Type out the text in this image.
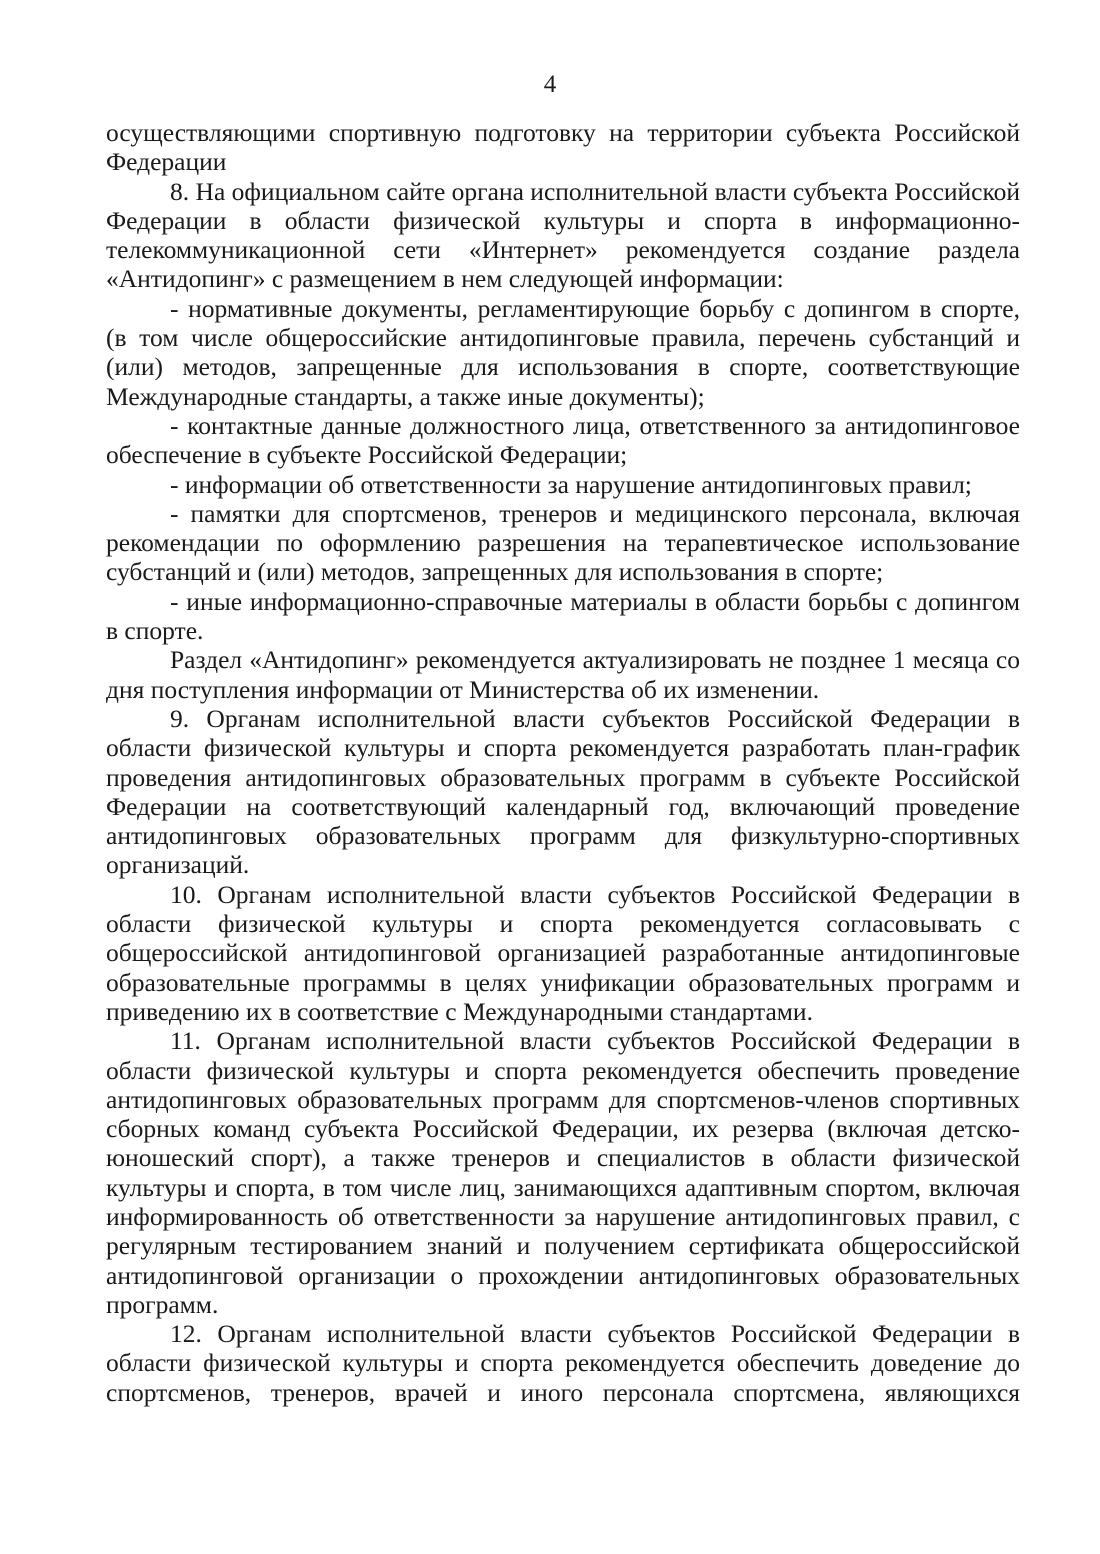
4

осуществляющими спортивную подготовку на территории субъекта Российской Федерации

8. На официальном сайте органа исполнительной власти субъекта Российской Федерации в области физической культуры и спорта в информационно-телекоммуникационной сети «Интернет» рекомендуется создание раздела «Антидопинг» с размещением в нем следующей информации:

- нормативные документы, регламентирующие борьбу с допингом в спорте, (в том числе общероссийские антидопинговые правила, перечень субстанций и (или) методов, запрещенные для использования в спорте, соответствующие Международные стандарты, а также иные документы);

- контактные данные должностного лица, ответственного за антидопинговое обеспечение в субъекте Российской Федерации;

- информации об ответственности за нарушение антидопинговых правил;

- памятки для спортсменов, тренеров и медицинского персонала, включая рекомендации по оформлению разрешения на терапевтическое использование субстанций и (или) методов, запрещенных для использования в спорте;

- иные информационно-справочные материалы в области борьбы с допингом в спорте.

Раздел «Антидопинг» рекомендуется актуализировать не позднее 1 месяца со дня поступления информации от Министерства об их изменении.

9. Органам исполнительной власти субъектов Российской Федерации в области физической культуры и спорта рекомендуется разработать план-график проведения антидопинговых образовательных программ в субъекте Российской Федерации на соответствующий календарный год, включающий проведение антидопинговых образовательных программ для физкультурно-спортивных организаций.

10. Органам исполнительной власти субъектов Российской Федерации в области физической культуры и спорта рекомендуется согласовывать с общероссийской антидопинговой организацией разработанные антидопинговые образовательные программы в целях унификации образовательных программ и приведению их в соответствие с Международными стандартами.

11. Органам исполнительной власти субъектов Российской Федерации в области физической культуры и спорта рекомендуется обеспечить проведение антидопинговых образовательных программ для спортсменов-членов спортивных сборных команд субъекта Российской Федерации, их резерва (включая детско-юношеский спорт), а также тренеров и специалистов в области физической культуры и спорта, в том числе лиц, занимающихся адаптивным спортом, включая информированность об ответственности за нарушение антидопинговых правил, с регулярным тестированием знаний и получением сертификата общероссийской антидопинговой организации о прохождении антидопинговых образовательных программ.

12. Органам исполнительной власти субъектов Российской Федерации в области физической культуры и спорта рекомендуется обеспечить доведение до спортсменов, тренеров, врачей и иного персонала спортсмена, являющихся
